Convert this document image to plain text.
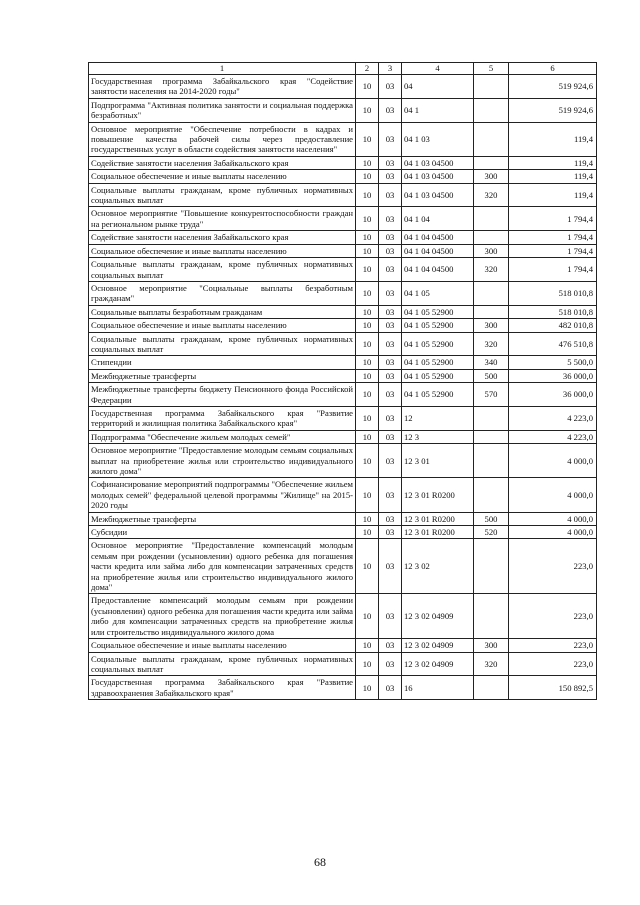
1	2	3	4	5	6
Государственная программа Забайкальского края "Содействие занятости населения на 2014-2020 годы"	10	03	04		519 924,6
Подпрограмма "Активная политика занятости и социальная поддержка безработных"	10	03	04 1		519 924,6
Основное мероприятие "Обеспечение потребности в кадрах и повышение качества рабочей силы через предоставление государственных услуг в области содействия занятости населения"	10	03	04 1 03		119,4
Содействие занятости населения Забайкальского края	10	03	04 1 03 04500		119,4
Социальное обеспечение и иные выплаты населению	10	03	04 1 03 04500	300	119,4
Социальные выплаты гражданам, кроме публичных нормативных социальных выплат	10	03	04 1 03 04500	320	119,4
Основное мероприятие "Повышение конкурентоспособности граждан на региональном рынке труда"	10	03	04 1 04		1 794,4
Содействие занятости населения Забайкальского края	10	03	04 1 04 04500		1 794,4
Социальное обеспечение и иные выплаты населению	10	03	04 1 04 04500	300	1 794,4
Социальные выплаты гражданам, кроме публичных нормативных социальных выплат	10	03	04 1 04 04500	320	1 794,4
Основное мероприятие "Социальные выплаты безработным гражданам"	10	03	04 1 05		518 010,8
Социальные выплаты безработным гражданам	10	03	04 1 05 52900		518 010,8
Социальное обеспечение и иные выплаты населению	10	03	04 1 05 52900	300	482 010,8
Социальные выплаты гражданам, кроме публичных нормативных социальных выплат	10	03	04 1 05 52900	320	476 510,8
Стипендии	10	03	04 1 05 52900	340	5 500,0
Межбюджетные трансферты	10	03	04 1 05 52900	500	36 000,0
Межбюджетные трансферты бюджету Пенсионного фонда Российской Федерации	10	03	04 1 05 52900	570	36 000,0
Государственная программа Забайкальского края "Развитие территорий и жилищная политика Забайкальского края"	10	03	12		4 223,0
Подпрограмма "Обеспечение жильем молодых семей"	10	03	12 3		4 223,0
Основное мероприятие "Предоставление молодым семьям социальных выплат на приобретение жилья или строительство индивидуального жилого дома"	10	03	12 3 01		4 000,0
Софинансирование мероприятий подпрограммы "Обеспечение жильем молодых семей" федеральной целевой программы "Жилище" на 2015-2020 годы	10	03	12 3 01 R0200		4 000,0
Межбюджетные трансферты	10	03	12 3 01 R0200	500	4 000,0
Субсидии	10	03	12 3 01 R0200	520	4 000,0
Основное мероприятие "Предоставление компенсаций молодым семьям при рождении (усыновлении) одного ребенка для погашения части кредита или займа либо для компенсации затраченных средств на приобретение жилья или строительство индивидуального жилого дома"	10	03	12 3 02		223,0
Предоставление компенсаций молодым семьям при рождении (усыновлении) одного ребенка для погашения части кредита или займа либо для компенсации затраченных средств на приобретение жилья или строительство индивидуального жилого дома	10	03	12 3 02 04909		223,0
Социальное обеспечение и иные выплаты населению	10	03	12 3 02 04909	300	223,0
Социальные выплаты гражданам, кроме публичных нормативных социальных выплат	10	03	12 3 02 04909	320	223,0
Государственная программа Забайкальского края "Развитие здравоохранения Забайкальского края"	10	03	16		150 892,5
68
